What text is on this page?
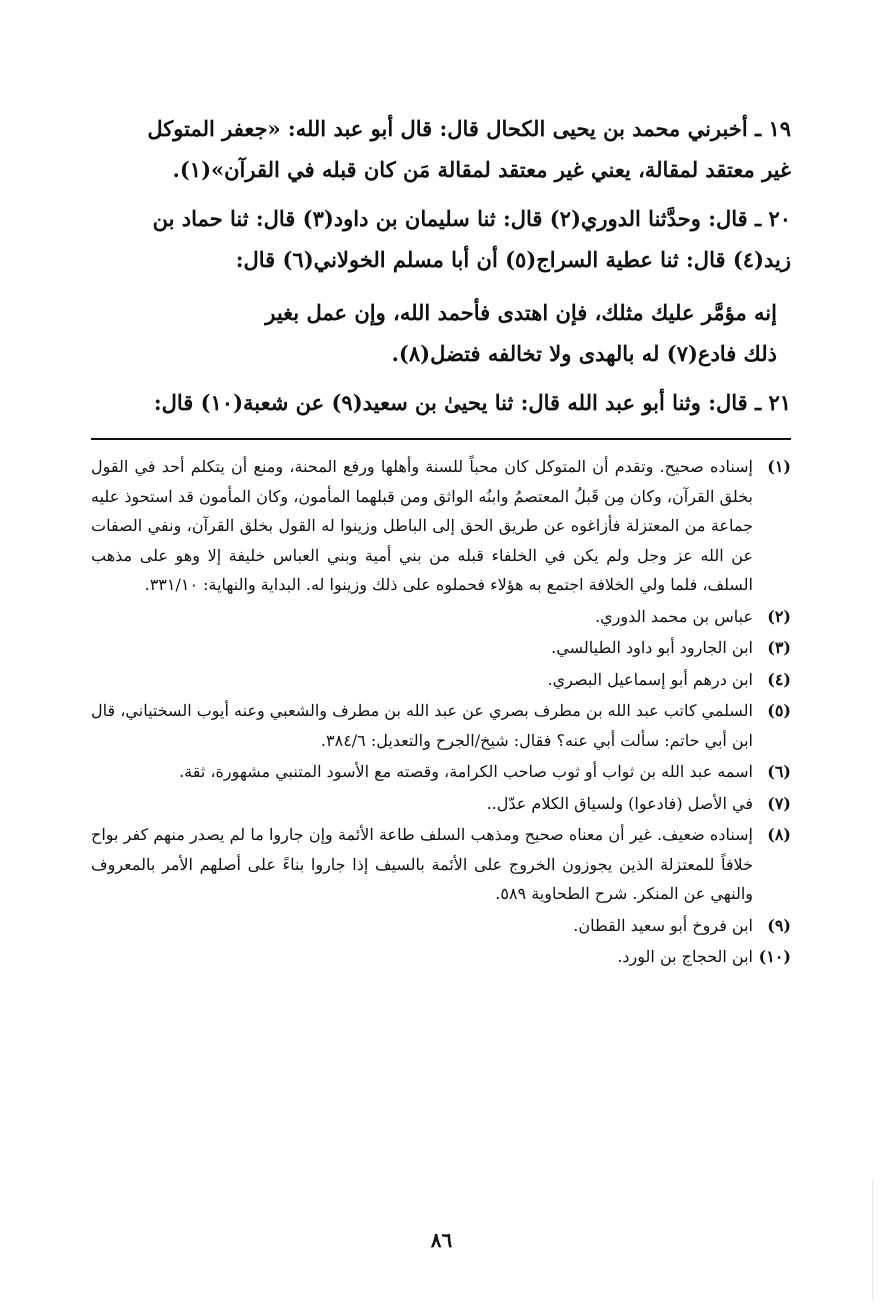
١٩ ـ أخبرني محمد بن يحيى الكحال قال: قال أبو عبد الله: «جعفر المتوكل
غير معتقد لمقالة، يعني غير معتقد لمقالة مَن كان قبله في القرآن»(١).

٢٠ ـ قال: وحدَّثنا الدوري(٢) قال: ثنا سليمان بن داود(٣) قال: ثنا حماد بن
زيد(٤) قال: ثنا عطية السراج(٥) أن أبا مسلم الخولاني(٦) قال:

إنه مؤمَّر عليك مثلك، فإن اهتدى فأحمد الله، وإن عمل بغير
ذلك فادع(٧) له بالهدى ولا تخالفه فتضل(٨).

٢١ ـ قال: وثنا أبو عبد الله قال: ثنا يحيىٰ بن سعيد(٩) عن شعبة(١٠) قال:

(١)
إسناده صحيح. وتقدم أن المتوكل كان محباً للسنة وأهلها ورفع المحنة، ومنع أن يتكلم أحد في القول بخلق القرآن، وكان مِن قَبلُ المعتصمُ وابنُه الواثق ومن قبلهما المأمون، وكان المأمون قد استحوذ عليه جماعة من المعتزلة فأزاغوه عن طريق الحق إلى الباطل وزينوا له القول بخلق القرآن، ونفي الصفات عن الله عز وجل ولم يكن في الخلفاء قبله من بني أمية وبني العباس خليفة إلا وهو على مذهب السلف، فلما ولي الخلافة اجتمع به هؤلاء فحملوه على ذلك وزينوا له. البداية والنهاية: ٣٣١/١٠.
(٢)
عباس بن محمد الدوري.
(٣)
ابن الجارود أبو داود الطيالسي.
(٤)
ابن درهم أبو إسماعيل البصري.
(٥)
السلمي كاتب عبد الله بن مطرف بصري عن عبد الله بن مطرف والشعبي وعنه أيوب السختياني، قال ابن أبي حاتم: سألت أبي عنه؟ فقال: شيخ/الجرح والتعديل: ٣٨٤/٦.
(٦)
اسمه عبد الله بن ثواب أو ثوب صاحب الكرامة، وقصته مع الأسود المتنبي مشهورة، ثقة.
(٧)
في الأصل (فادعوا) ولسياق الكلام عدّل..
(٨)
إسناده ضعيف. غير أن معناه صحيح ومذهب السلف طاعة الأئمة وإن جاروا ما لم يصدر منهم كفر بواح خلافاً للمعتزلة الذين يجوزون الخروج على الأئمة بالسيف إذا جاروا بناءً على أصلهم الأمر بالمعروف والنهي عن المنكر. شرح الطحاوية ٥٨٩.
(٩)
ابن فروخ أبو سعيد القطان.
(١٠)
ابن الحجاج بن الورد.
٨٦
